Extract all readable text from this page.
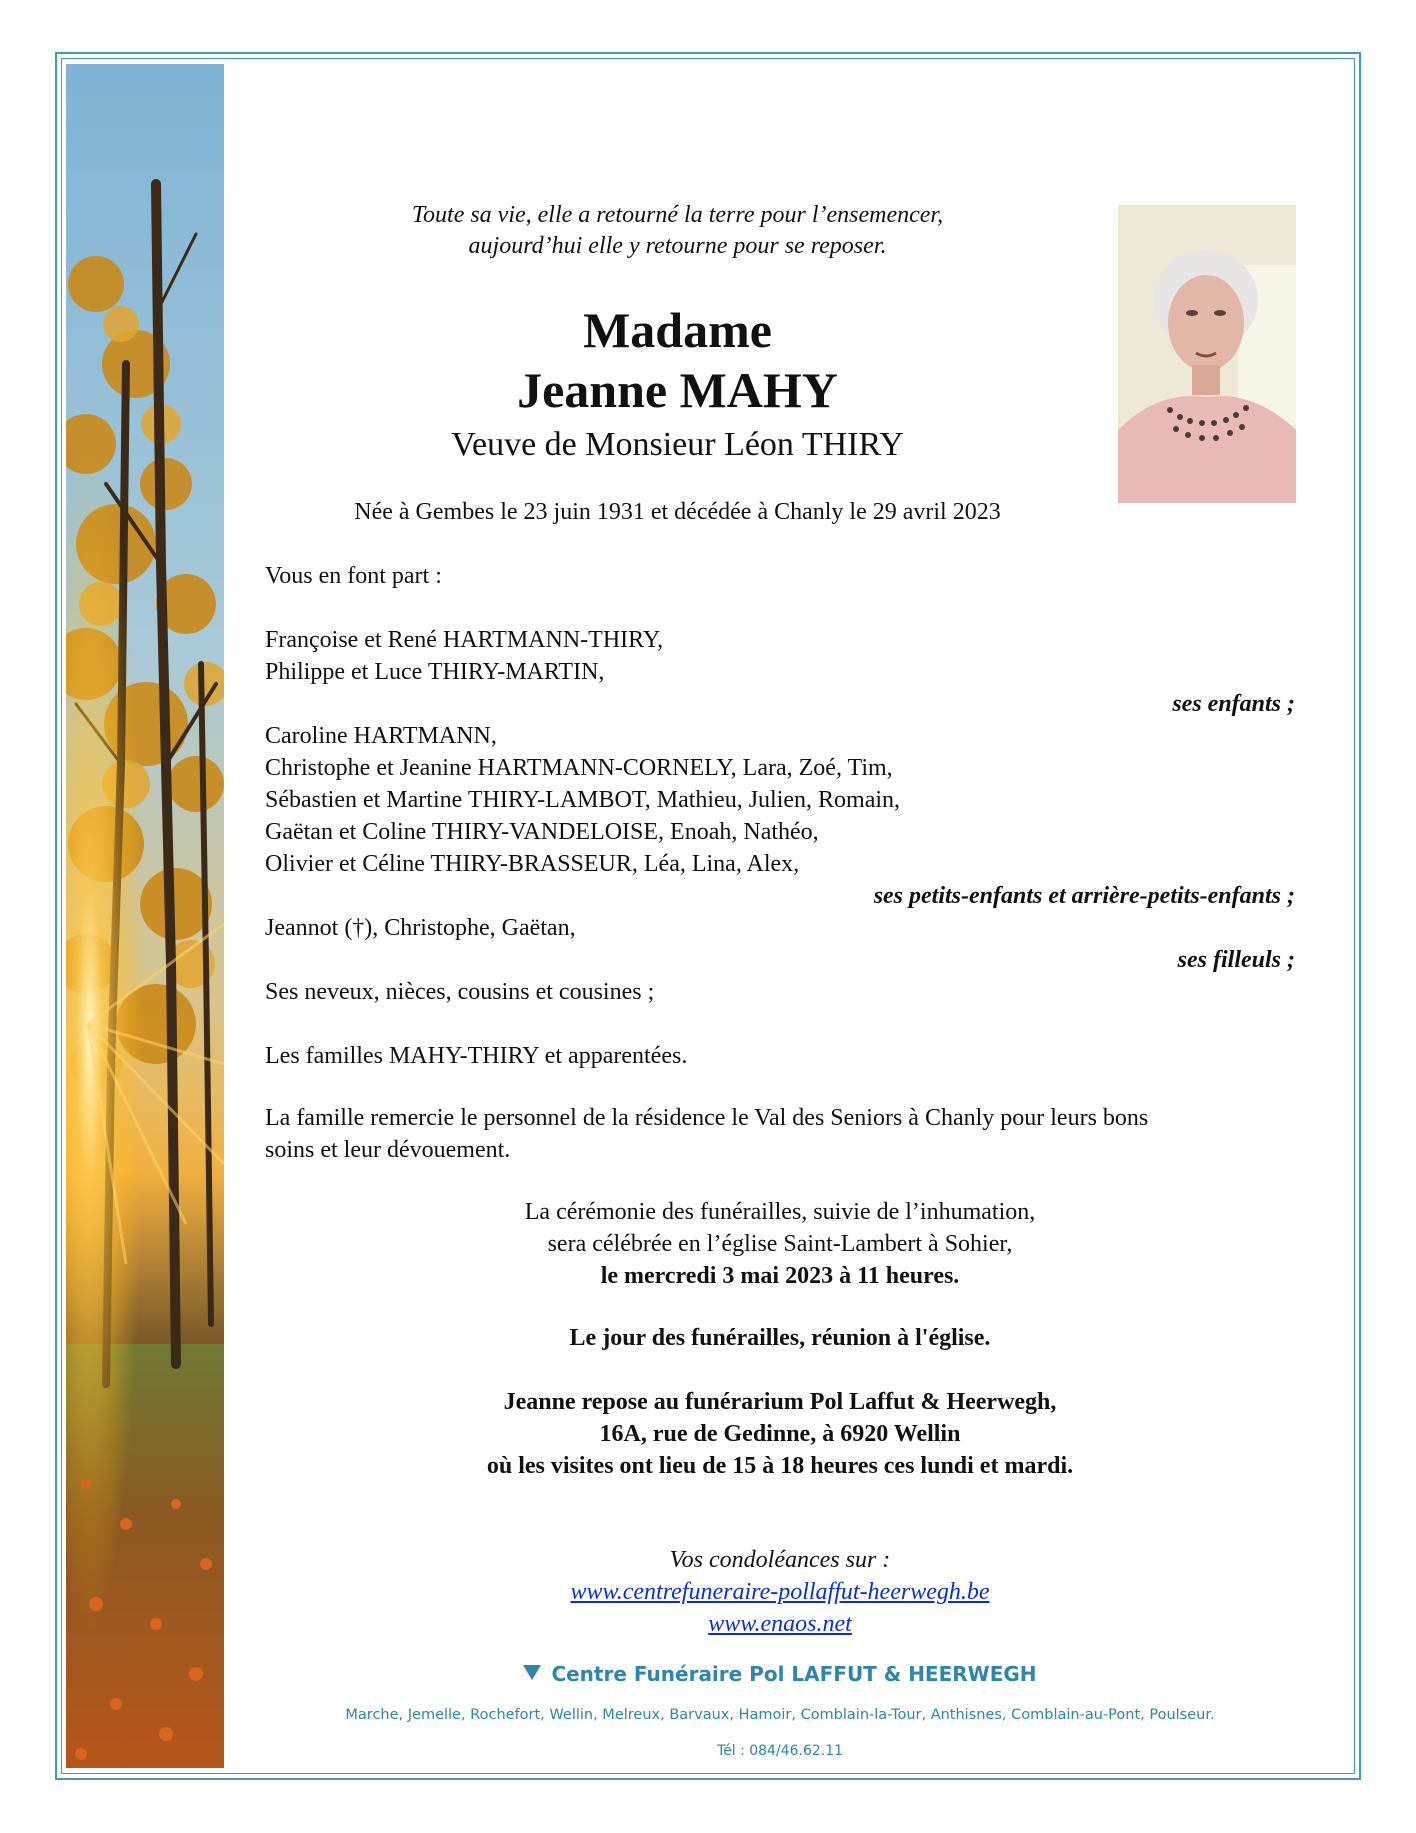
Toute sa vie, elle a retourné la terre pour l’ensemencer,
aujourd’hui elle y retourne pour se reposer.
Madame
Jeanne MAHY
Veuve de Monsieur Léon THIRY
Née à Gembes le 23 juin 1931 et décédée à Chanly le 29 avril 2023
Vous en font part :
Françoise et René HARTMANN-THIRY,
Philippe et Luce THIRY-MARTIN,
ses enfants ;
Caroline HARTMANN,
Christophe et Jeanine HARTMANN-CORNELY, Lara, Zoé, Tim,
Sébastien et Martine THIRY-LAMBOT, Mathieu, Julien, Romain,
Gaëtan et Coline THIRY-VANDELOISE, Enoah, Nathéo,
Olivier et Céline THIRY-BRASSEUR, Léa, Lina, Alex,
ses petits-enfants et arrière-petits-enfants ;
Jeannot (†), Christophe, Gaëtan,
ses filleuls ;
Ses neveux, nièces, cousins et cousines ;
Les familles MAHY-THIRY et apparentées.
La famille remercie le personnel de la résidence le Val des Seniors à Chanly pour leurs bons
soins et leur dévouement.
La cérémonie des funérailles, suivie de l’inhumation,
sera célébrée en l’église Saint-Lambert à Sohier,
le mercredi 3 mai 2023 à 11 heures.
Le jour des funérailles, réunion à l'église.
Jeanne repose au funérarium Pol Laffut & Heerwegh,
16A, rue de Gedinne, à 6920 Wellin
où les visites ont lieu de 15 à 18 heures ces lundi et mardi.
Vos condoléances sur :
www.centrefuneraire-pollaffut-heerwegh.be
www.enaos.net
Centre Funéraire Pol LAFFUT & HEERWEGH
Marche, Jemelle, Rochefort, Wellin, Melreux, Barvaux, Hamoir, Comblain-la-Tour, Anthisnes, Comblain-au-Pont, Poulseur.
Tél : 084/46.62.11
